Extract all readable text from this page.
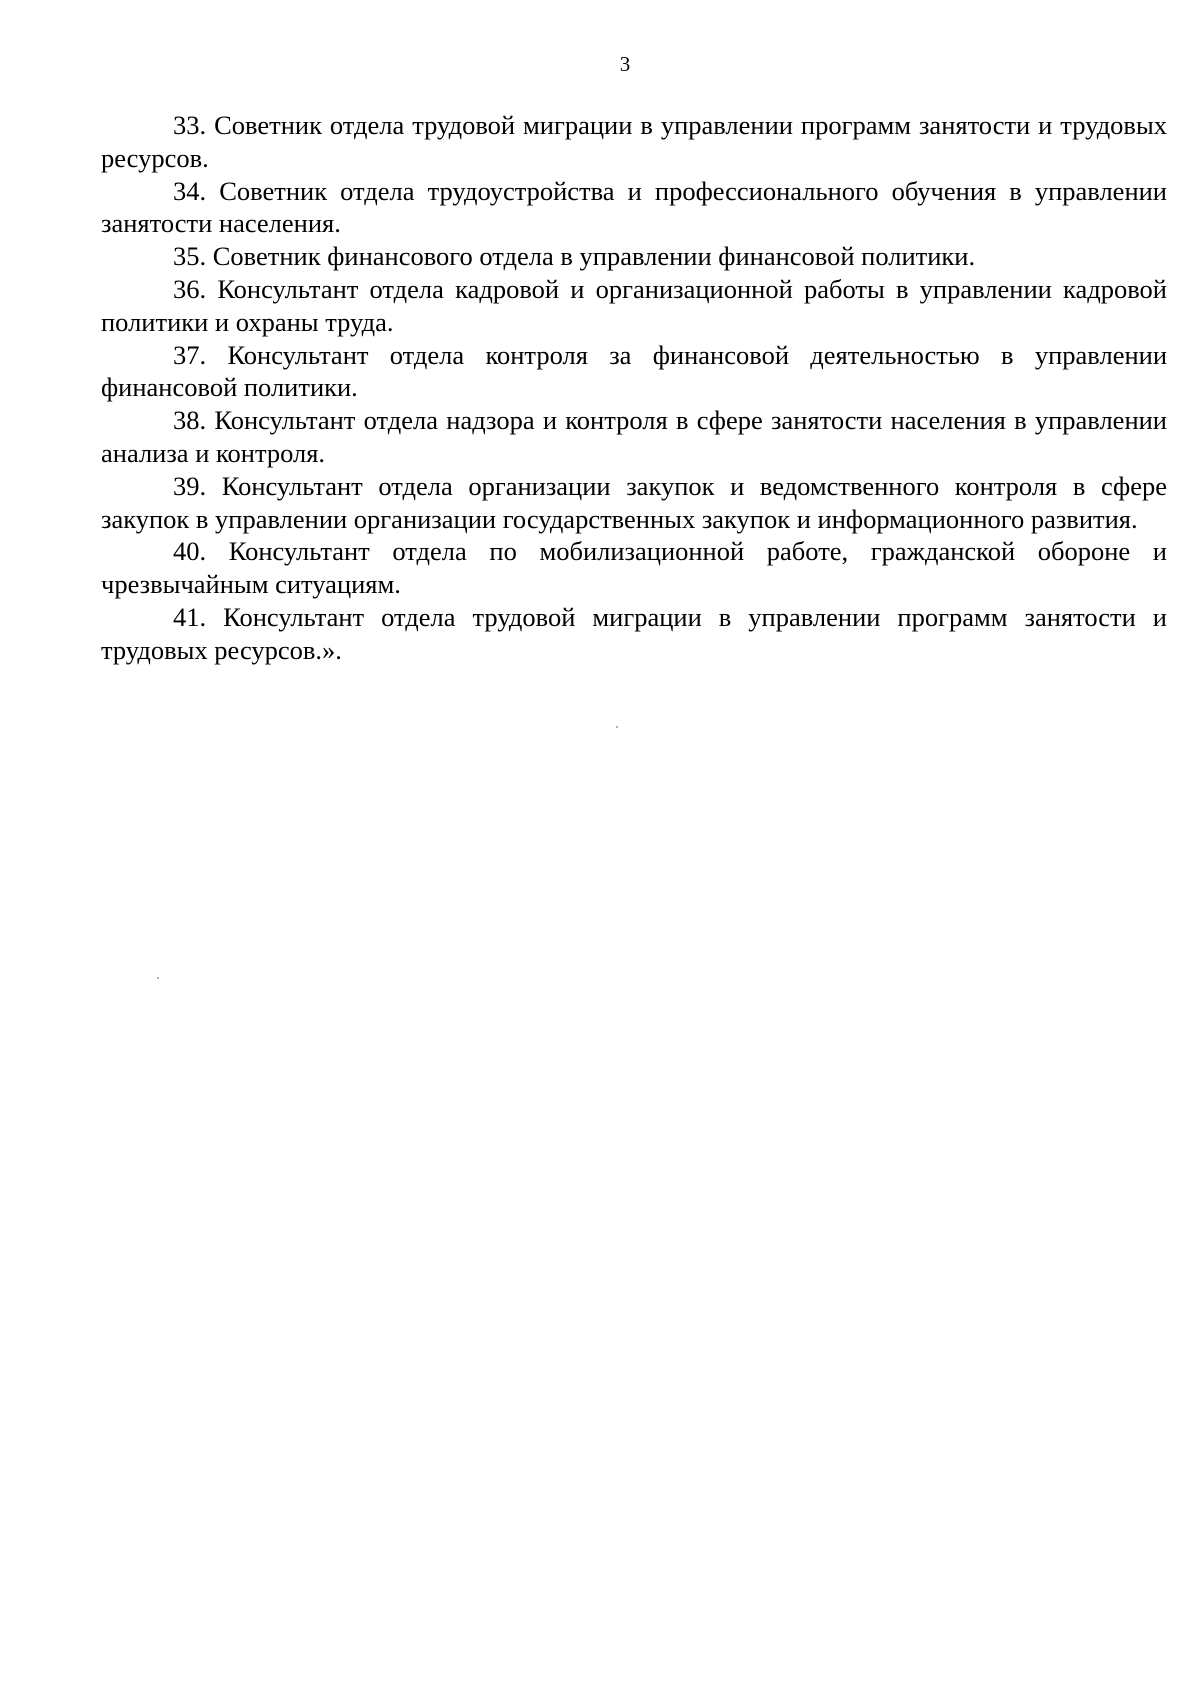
3

33. Советник отдела трудовой миграции в управлении программ занятости и трудовых ресурсов.

34. Советник отдела трудоустройства и профессионального обучения в управлении занятости населения.

35. Советник финансового отдела в управлении финансовой политики.

36. Консультант отдела кадровой и организационной работы в управлении кадровой политики и охраны труда.

37. Консультант отдела контроля за финансовой деятельностью в управлении финансовой политики.

38. Консультант отдела надзора и контроля в сфере занятости населения в управлении анализа и контроля.

39. Консультант отдела организации закупок и ведомственного контроля в сфере закупок в управлении организации государственных закупок и информационного развития.

40. Консультант отдела по мобилизационной работе, гражданской обороне и чрезвычайным ситуациям.

41. Консультант отдела трудовой миграции в управлении программ занятости и трудовых ресурсов.».
